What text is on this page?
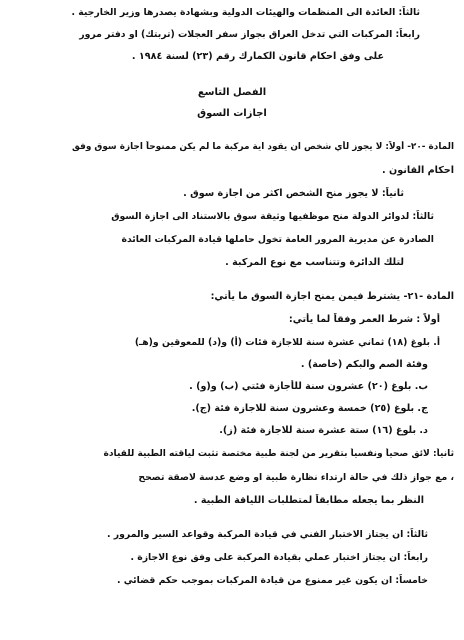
ثالثاً: العائدة الى المنظمات والهيئات الدولية وبشهادة يصدرها وزير الخارجية .
رابعاً: المركبات التي تدخل العراق بجواز سفر العجلات (تربتك) او دفتر مرور
على وفق احكام قانون الكمارك رقم (٢٣) لسنة ١٩٨٤ .
الفصل التاسع
اجازات السوق
المادة -٢٠- أولاً: لا يجوز لأي شخص ان يقود اية مركبة ما لم يكن ممنوحاً اجازة سوق وفق
احكام القانون .
ثانياً: لا يجوز منح الشخص اكثر من اجازة سوق .
ثالثاً: لدوائر الدولة منح موظفيها وثيقة سوق بالاستناد الى اجازة السوق
الصادرة عن مديرية المرور العامة تخول حاملها قيادة المركبات العائدة
لتلك الدائرة وتتناسب مع نوع المركبة .
المادة -٢١- يشترط فيمن يمنح اجازة السوق ما يأتي:
أولاً : شرط العمر وفقاً لما يأتي:
أ. بلوغ (١٨) ثماني عشرة سنة للاجازة فئات (أ) و(د) للمعوقين و(هـ)
وفئة الصم والبكم (خاصة) .
ب. بلوغ (٢٠) عشرون سنة للأجازة فئتي (ب) و(و) .
ج. بلوغ (٢٥) خمسة وعشرون سنة للاجازة فئة (ج).
د. بلوغ (١٦) ستة عشرة سنة للاجازة فئة (ز).
ثانياً: لائق صحياً ونفسياً بتقرير من لجنة طبية مختصة تثبت لياقته الطبية للقيادة
، مع جواز ذلك في حالة ارتداء نظارة طبية او وضع عدسة لاصقة تصحح
النظر بما يجعله مطابقاً لمتطلبات اللياقة الطبية .
ثالثاً: ان يجتاز الاختبار الفني في قيادة المركبة وقواعد السير والمرور .
رابعاً: ان يجتاز اختبار عملي بقيادة المركبة على وفق نوع الاجازة .
خامساً: ان يكون غير ممنوع من قيادة المركبات بموجب حكم قضائي .
